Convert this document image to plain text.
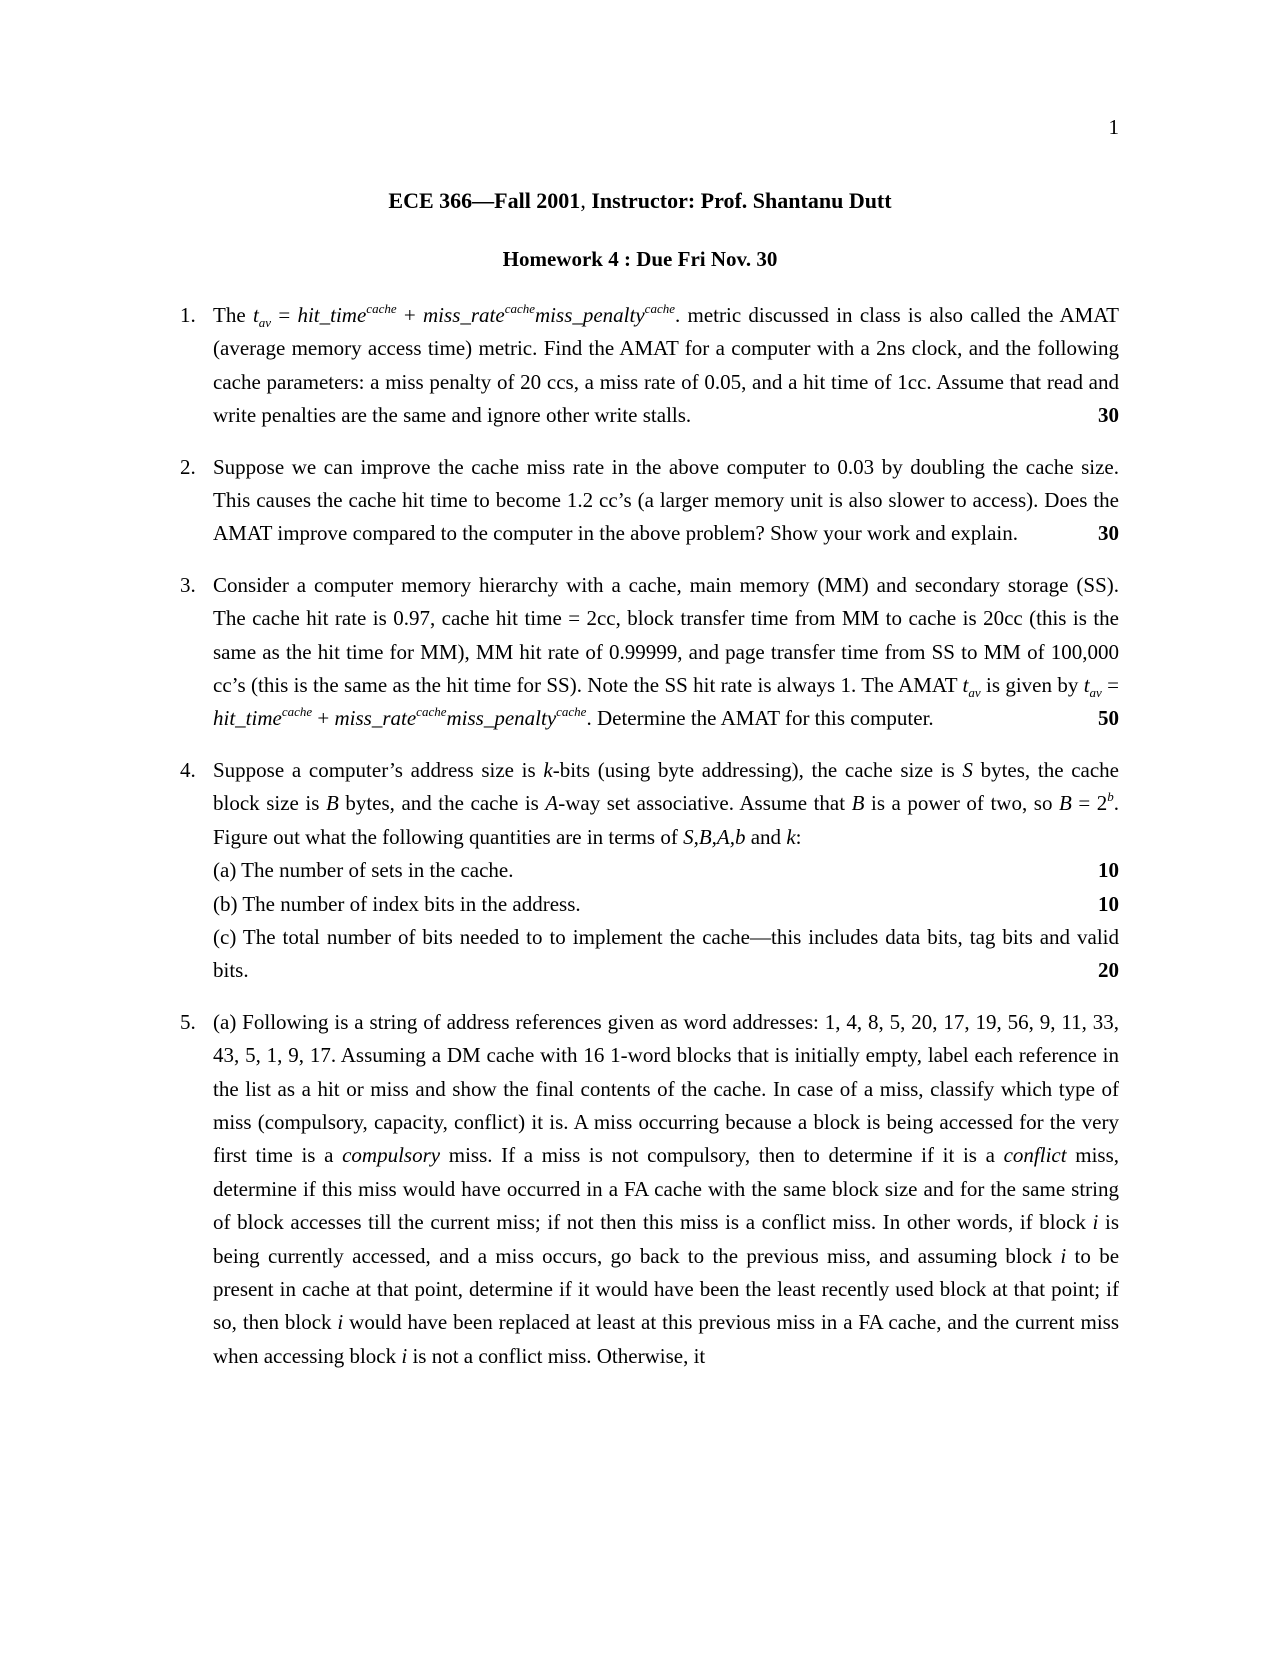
1
ECE 366—Fall 2001, Instructor: Prof. Shantanu Dutt
Homework 4 : Due Fri Nov. 30
1. The $t_{av}$ = hit_time$^{cache}$ + miss_rate$^{cache}$miss_penalty$^{cache}$. metric discussed in class is also called the AMAT (average memory access time) metric. Find the AMAT for a computer with a 2ns clock, and the following cache parameters: a miss penalty of 20 ccs, a miss rate of 0.05, and a hit time of 1cc. Assume that read and write penalties are the same and ignore other write stalls.	30
2. Suppose we can improve the cache miss rate in the above computer to 0.03 by doubling the cache size. This causes the cache hit time to become 1.2 cc’s (a larger memory unit is also slower to access). Does the AMAT improve compared to the computer in the above problem? Show your work and explain.	30
3. Consider a computer memory hierarchy with a cache, main memory (MM) and secondary storage (SS). The cache hit rate is 0.97, cache hit time = 2cc, block transfer time from MM to cache is 20cc (this is the same as the hit time for MM), MM hit rate of 0.99999, and page transfer time from SS to MM of 100,000 cc’s (this is the same as the hit time for SS). Note the SS hit rate is always 1. The AMAT $t_{av}$ is given by $t_{av}$ = hit_time$^{cache}$ + miss_rate$^{cache}$miss_penalty$^{cache}$. Determine the AMAT for this computer.	50
4. Suppose a computer’s address size is k-bits (using byte addressing), the cache size is S bytes, the cache block size is B bytes, and the cache is A-way set associative. Assume that B is a power of two, so $B = 2^b$. Figure out what the following quantities are in terms of S,B,A,b and k:
(a) The number of sets in the cache.	10
(b) The number of index bits in the address.	10
(c) The total number of bits needed to to implement the cache—this includes data bits, tag bits and valid bits.	20
5. (a) Following is a string of address references given as word addresses: 1, 4, 8, 5, 20, 17, 19, 56, 9, 11, 33, 43, 5, 1, 9, 17. Assuming a DM cache with 16 1-word blocks that is initially empty, label each reference in the list as a hit or miss and show the final contents of the cache. In case of a miss, classify which type of miss (compulsory, capacity, conflict) it is. A miss occurring because a block is being accessed for the very first time is a compulsory miss. If a miss is not compulsory, then to determine if it is a conflict miss, determine if this miss would have occurred in a FA cache with the same block size and for the same string of block accesses till the current miss; if not then this miss is a conflict miss. In other words, if block i is being currently accessed, and a miss occurs, go back to the previous miss, and assuming block i to be present in cache at that point, determine if it would have been the least recently used block at that point; if so, then block i would have been replaced at least at this previous miss in a FA cache, and the current miss when accessing block i is not a conflict miss. Otherwise, it
